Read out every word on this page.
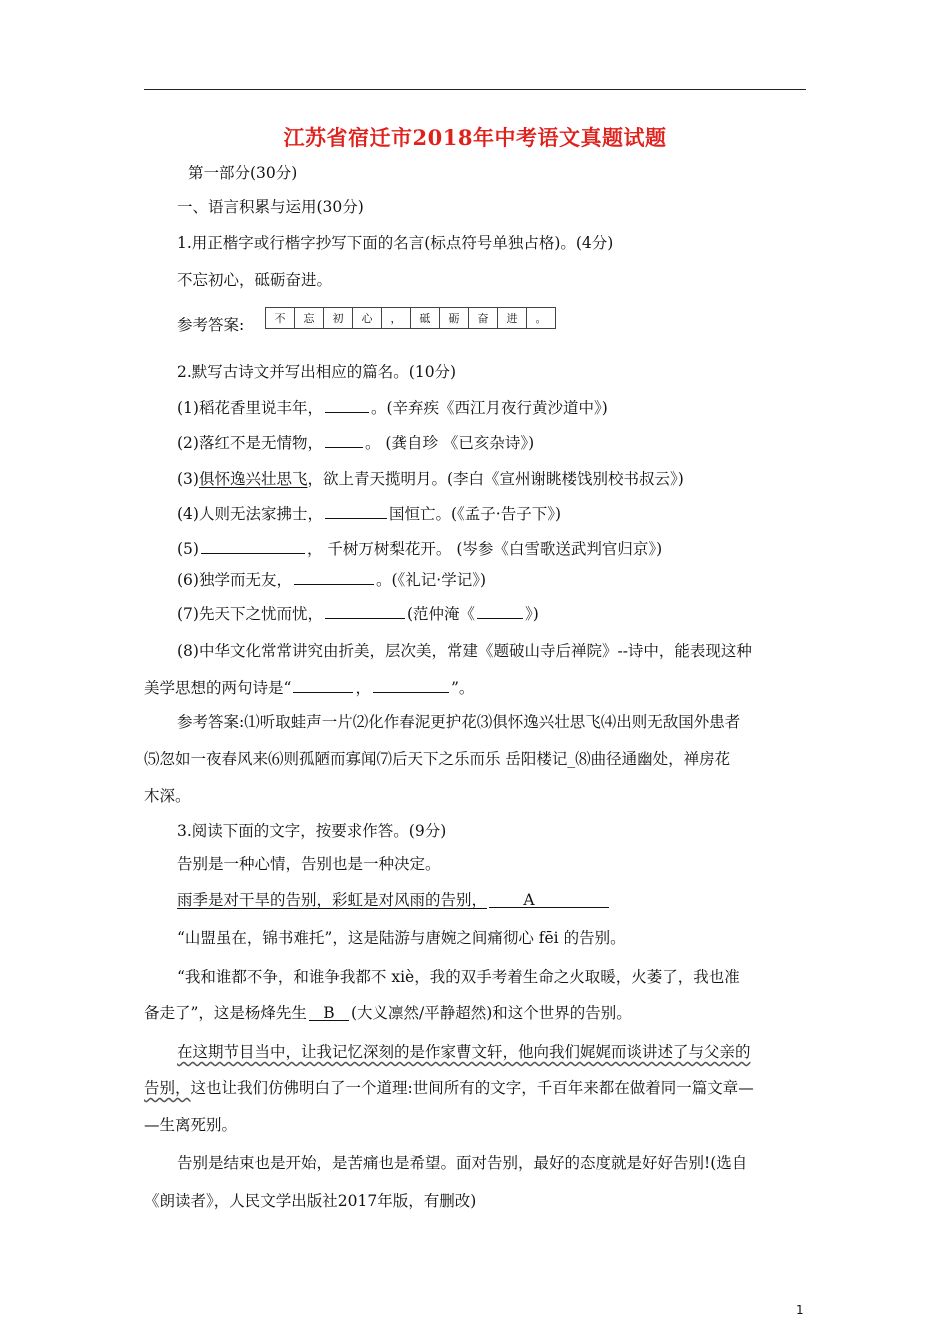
江苏省宿迁市2018年中考语文真题试题
第一部分(30分)
一、语言积累与运用(30分)
1.用正楷字或行楷字抄写下面的名言(标点符号单独占格)。(4分)
不忘初心，砥砺奋进。
参考答案:	不	忘	初	心	，	砥	砺	奋	进	。
2.默写古诗文并写出相应的篇名。(10分)
(1)稻花香里说丰年，	。(辛弃疾《西江月夜行黄沙道中》)
(2)落红不是无情物，	。 (龚自珍 《已亥杂诗》)
(3)俱怀逸兴壮思飞，欲上青天揽明月。(李白《宣州谢眺楼饯别校书叔云》)
(4)人则无法家拂士，	国恒亡。(《孟子·告子下》)
(5)	， 千树万树梨花开。 (岑参《白雪歌送武判官归京》)
(6)独学而无友，	。(《礼记·学记》)
(7)先天下之忧而忧，	(范仲淹《	》)
(8)中华文化常常讲究由折美，层次美，常建《题破山寺后禅院》--诗中，能表现这种
美学思想的两句诗是“	，	”。
参考答案:⑴听取蛙声一片⑵化作春泥更护花⑶俱怀逸兴壮思飞⑷出则无敌国外患者
⑸忽如一夜春风来⑹则孤陋而寡闻⑺后天下之乐而乐 岳阳楼记_⑻曲径通幽处，禅房花
木深。
3.阅读下面的文字，按要求作答。(9分)
告别是一种心情，告别也是一种决定。
雨季是对干旱的告别，彩虹是对风雨的告别， A
“山盟虽在，锦书难托”，这是陆游与唐婉之间痛彻心 fēi 的告别。
“我和谁都不争，和谁争我都不 xiè，我的双手考着生命之火取暖，火萎了，我也准
备走了”，这是杨烽先生 B (大义凛然/平静超然)和这个世界的告别。
在这期节目当中，让我记忆深刻的是作家曹文轩，他向我们娓娓而谈讲述了与父亲的
告别，这也让我们仿佛明白了一个道理:世间所有的文字，千百年来都在做着同一篇文章—
—生离死别。
告别是结束也是开始，是苦痛也是希望。面对告别，最好的态度就是好好告别!(选自
《朗读者》，人民文学出版社2017年版，有删改)
1
